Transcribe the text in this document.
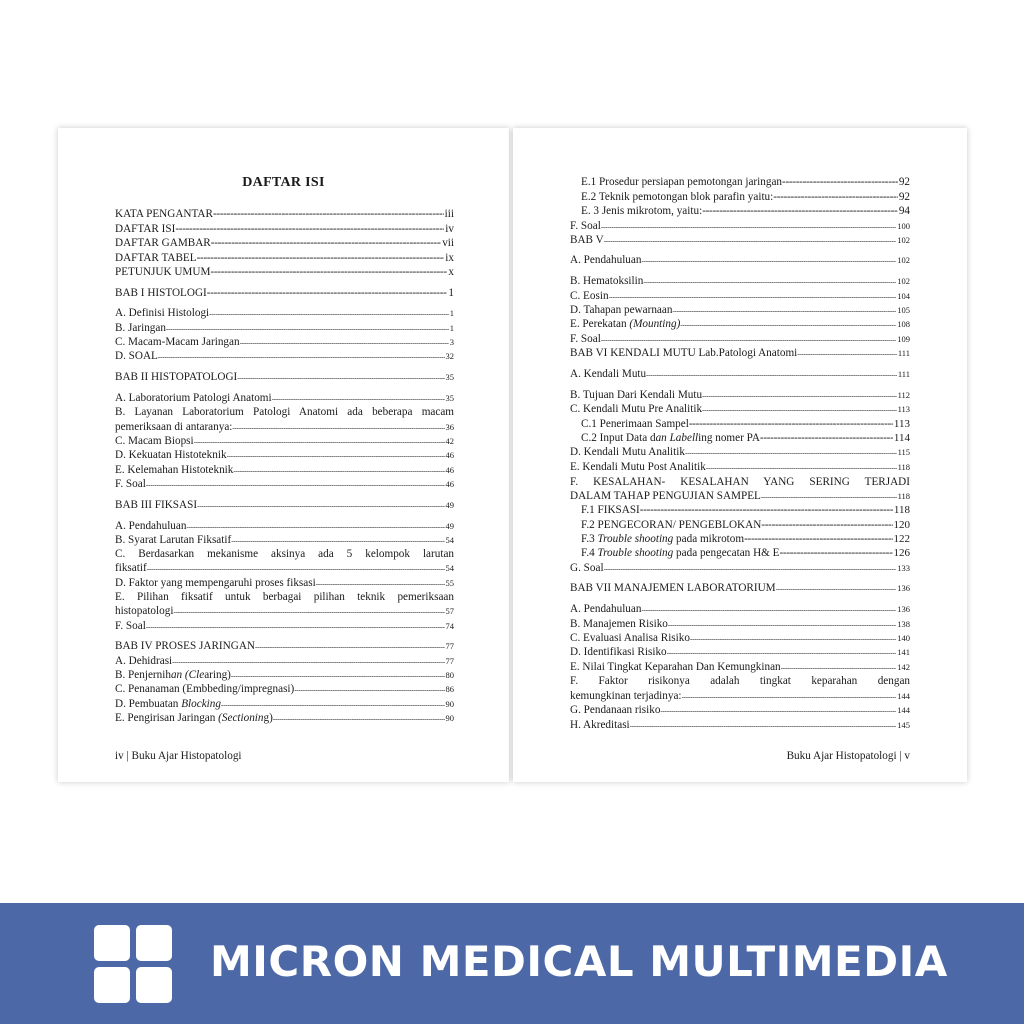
DAFTAR ISI
KATA PENGANTAR -----	iii
DAFTAR ISI -----	iv
DAFTAR GAMBAR -----	vii
DAFTAR TABEL -----	ix
PETUNJUK UMUM -----	x
BAB I HISTOLOGI -----	1
A. Definisi Histologi -----	1
B. Jaringan -----	1
C. Macam-Macam Jaringan -----	3
D. SOAL -----	32
BAB II HISTOPATOLOGI -----	35
A. Laboratorium Patologi Anatomi -----	35
B. Layanan Laboratorium Patologi Anatomi ada beberapa macam
pemeriksaan di antaranya: -----	36
C. Macam Biopsi -----	42
D. Kekuatan Histoteknik -----	46
E. Kelemahan Histoteknik -----	46
F. Soal -----	46
BAB III FIKSASI -----	49
A. Pendahuluan -----	49
B. Syarat Larutan Fiksatif -----	54
C. Berdasarkan mekanisme aksinya ada 5 kelompok larutan
fiksatif -----	54
D. Faktor yang mempengaruhi proses fiksasi -----	55
E. Pilihan fiksatif untuk berbagai pilihan teknik pemeriksaan
histopatologi -----	57
F. Soal -----	74
BAB IV PROSES JARINGAN -----	77
A. Dehidrasi -----	77
B. Penjernihan (Clearing) -----	80
C. Penanaman (Embbeding/impregnasi) -----	86
D. Pembuatan Blocking -----	90
E. Pengirisan Jaringan (Sectioning) -----	90
iv | Buku Ajar Histopatologi
E.1 Prosedur persiapan pemotongan jaringan -----	92
E.2 Teknik pemotongan blok parafin yaitu: -----	92
E. 3 Jenis mikrotom, yaitu: -----	94
F. Soal -----	100
BAB V -----	102
A. Pendahuluan -----	102
B. Hematoksilin -----	102
C. Eosin -----	104
D. Tahapan pewarnaan -----	105
E. Perekatan (Mounting) -----	108
F. Soal -----	109
BAB VI KENDALI MUTU Lab.Patologi Anatomi -----	111
A. Kendali Mutu -----	111
B. Tujuan Dari Kendali Mutu -----	112
C. Kendali Mutu Pre Analitik -----	113
C.1 Penerimaan Sampel -----	113
C.2 Input Data dan Labelling nomer PA -----	114
D. Kendali Mutu Analitik -----	115
E. Kendali Mutu Post Analitik -----	118
F. KESALAHAN- KESALAHAN YANG SERING TERJADI
DALAM TAHAP PENGUJIAN SAMPEL -----	118
F.1 FIKSASI -----	118
F.2 PENGECORAN/ PENGEBLOKAN -----	120
F.3 Trouble shooting pada mikrotom -----	122
F.4 Trouble shooting pada pengecatan H& E -----	126
G. Soal -----	133
BAB VII MANAJEMEN LABORATORIUM -----	136
A. Pendahuluan -----	136
B. Manajemen Risiko -----	138
C. Evaluasi Analisa Risiko -----	140
D. Identifikasi Risiko -----	141
E. Nilai Tingkat Keparahan Dan Kemungkinan -----	142
F. Faktor risikonya adalah tingkat keparahan dengan
kemungkinan terjadinya: -----	144
G. Pendanaan risiko -----	144
H. Akreditasi -----	145
Buku Ajar Histopatologi | v
MICRON MEDICAL MULTIMEDIA
